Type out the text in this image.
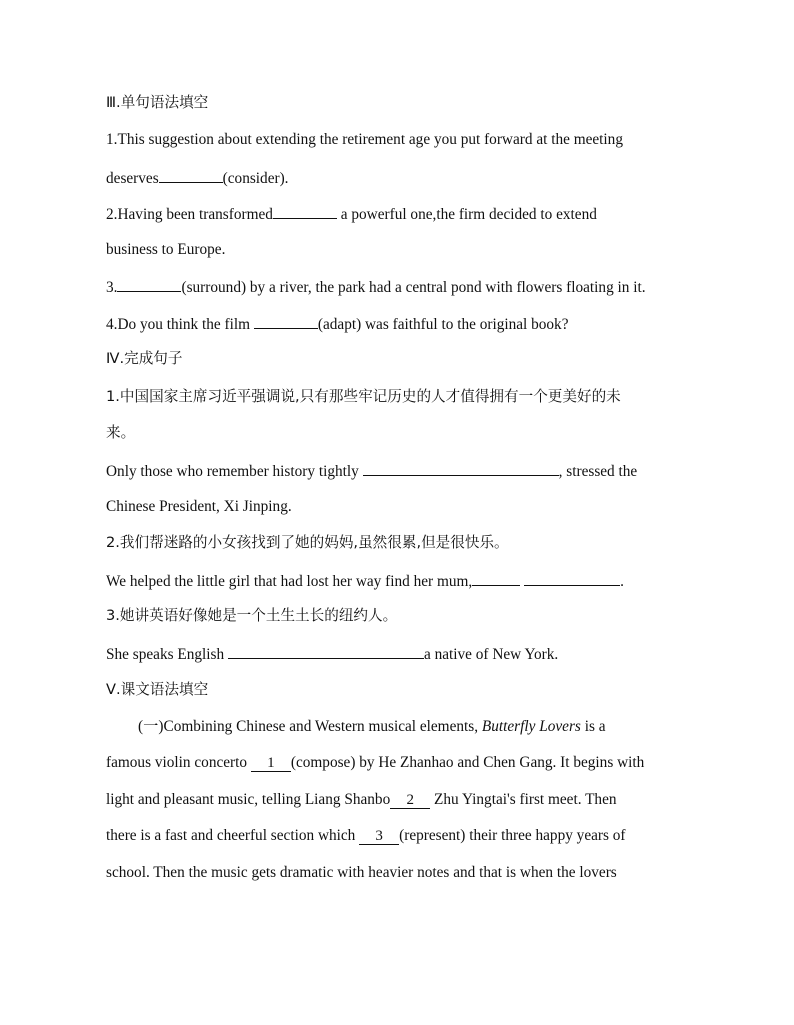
Ⅲ.单句语法填空
1.This suggestion about extending the retirement age you put forward at the meeting
deserves	(consider).
2.Having been transformed	a powerful one,the firm decided to extend
business to Europe.
3.	(surround) by a river, the park had a central pond with flowers floating in it.
4.Do you think the film	(adapt) was faithful to the original book?
Ⅳ.完成句子
1.中国国家主席习近平强调说,只有那些牢记历史的人才值得拥有一个更美好的未
来。
Only those who remember history tightly	, stressed the
Chinese President, Xi Jinping.
2.我们帮迷路的小女孩找到了她的妈妈,虽然很累,但是很快乐。
We helped the little girl that had lost her way find her mum,	.
3.她讲英语好像她是一个土生土长的纽约人。
She speaks English	a native of New York.
Ⅴ.课文语法填空
(一)Combining Chinese and Western musical elements, Butterfly Lovers is a
famous violin concerto 1 (compose) by He Zhanhao and Chen Gang. It begins with
light and pleasant music, telling Liang Shanbo 2 Zhu Yingtai's first meet. Then
there is a fast and cheerful section which 3 (represent) their three happy years of
school. Then the music gets dramatic with heavier notes and that is when the lovers
